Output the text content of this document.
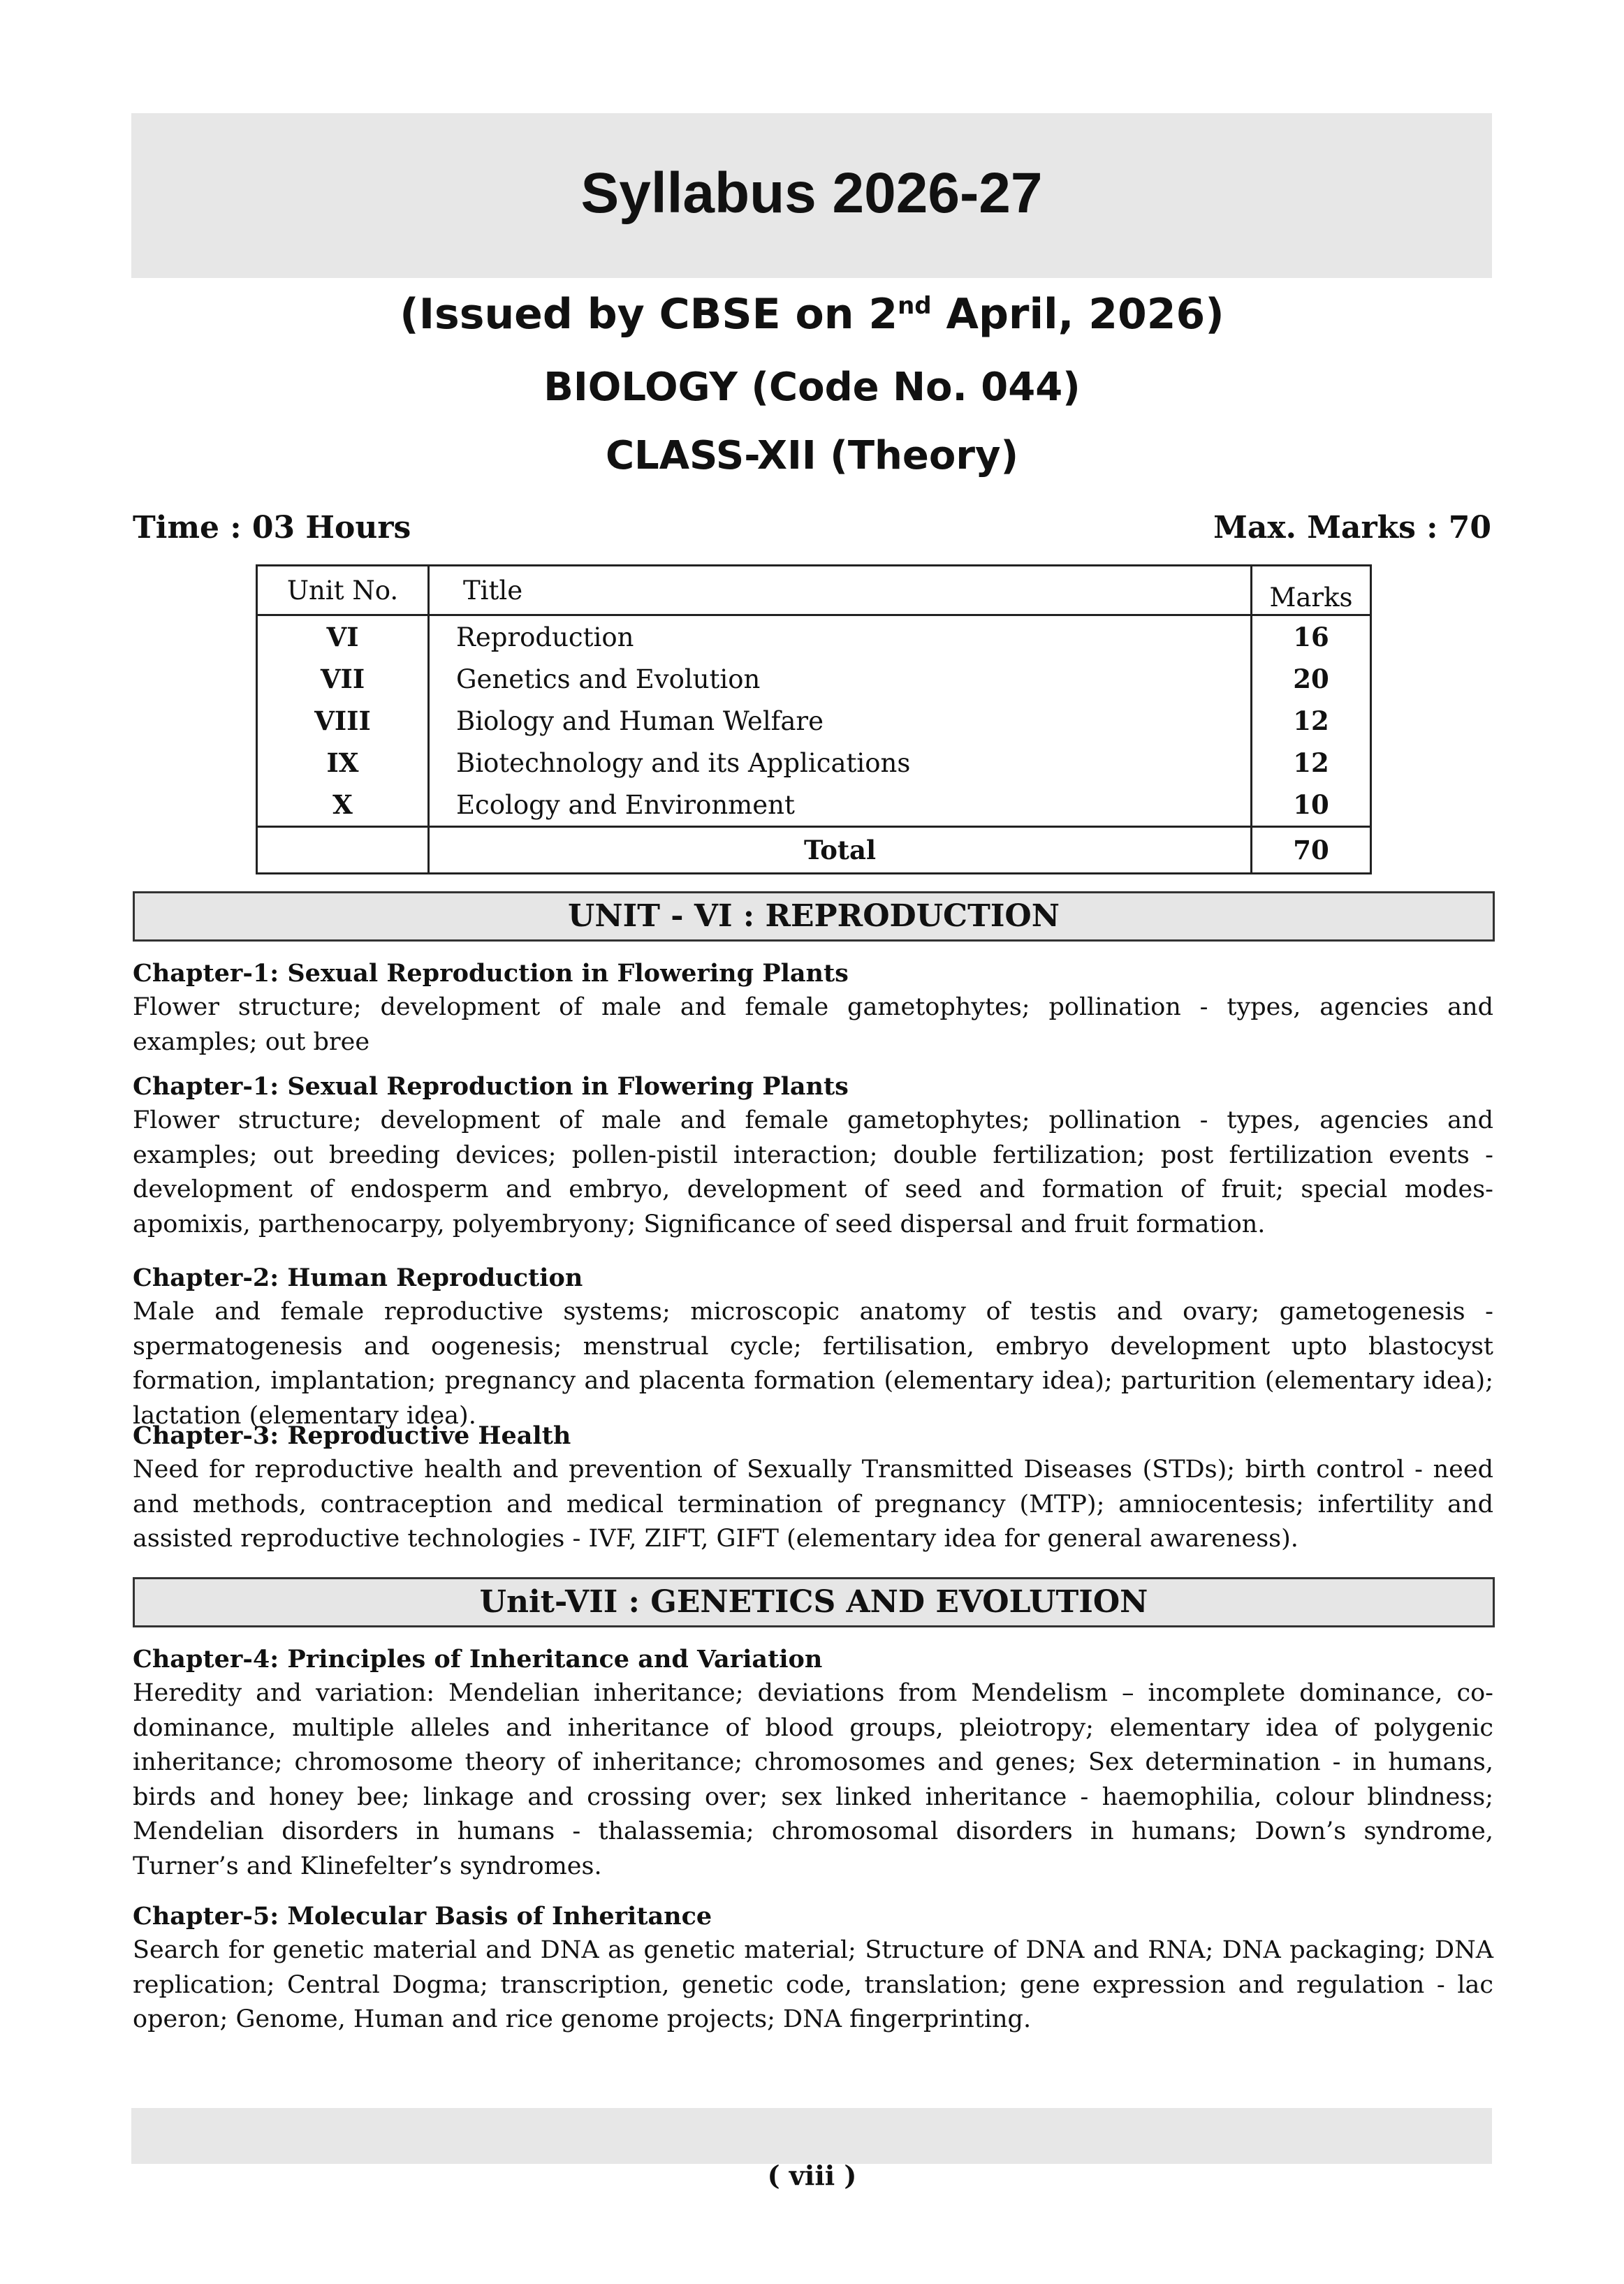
Syllabus 2026-27
(Issued by CBSE on 2nd April, 2026)
BIOLOGY (Code No. 044)
CLASS-XII (Theory)
Time : 03 Hours	Max. Marks : 70
Unit No.	Title	Marks
VI	Reproduction	16
VII	Genetics and Evolution	20
VIII	Biology and Human Welfare	12
IX	Biotechnology and its Applications	12
X	Ecology and Environment	10
	Total	70
UNIT - VI : REPRODUCTION
Chapter-1: Sexual Reproduction in Flowering Plants
Flower structure; development of male and female gametophytes; pollination - types, agencies and examples; out bree
Chapter-1: Sexual Reproduction in Flowering Plants
Flower structure; development of male and female gametophytes; pollination - types, agencies and examples; out breeding devices; pollen-pistil interaction; double fertilization; post fertilization events - development of endosperm and embryo, development of seed and formation of fruit; special modes- apomixis, parthenocarpy, polyembryony; Significance of seed dispersal and fruit formation.
Chapter-2: Human Reproduction
Male and female reproductive systems; microscopic anatomy of testis and ovary; gametogenesis -spermatogenesis and oogenesis; menstrual cycle; fertilisation, embryo development upto blastocyst formation, implantation; pregnancy and placenta formation (elementary idea); parturition (elementary idea); lactation (elementary idea).
Chapter-3: Reproductive Health
Need for reproductive health and prevention of Sexually Transmitted Diseases (STDs); birth control - need and methods, contraception and medical termination of pregnancy (MTP); amniocentesis; infertility and assisted reproductive technologies - IVF, ZIFT, GIFT (elementary idea for general awareness).
Unit-VII : GENETICS AND EVOLUTION
Chapter-4: Principles of Inheritance and Variation
Heredity and variation: Mendelian inheritance; deviations from Mendelism – incomplete dominance, co-dominance, multiple alleles and inheritance of blood groups, pleiotropy; elementary idea of polygenic inheritance; chromosome theory of inheritance; chromosomes and genes; Sex determination - in humans, birds and honey bee; linkage and crossing over; sex linked inheritance - haemophilia, colour blindness; Mendelian disorders in humans - thalassemia; chromosomal disorders in humans; Down’s syndrome, Turner’s and Klinefelter’s syndromes.
Chapter-5: Molecular Basis of Inheritance
Search for genetic material and DNA as genetic material; Structure of DNA and RNA; DNA packaging; DNA replication; Central Dogma; transcription, genetic code, translation; gene expression and regulation - lac operon; Genome, Human and rice genome projects; DNA fingerprinting.
( viii )
